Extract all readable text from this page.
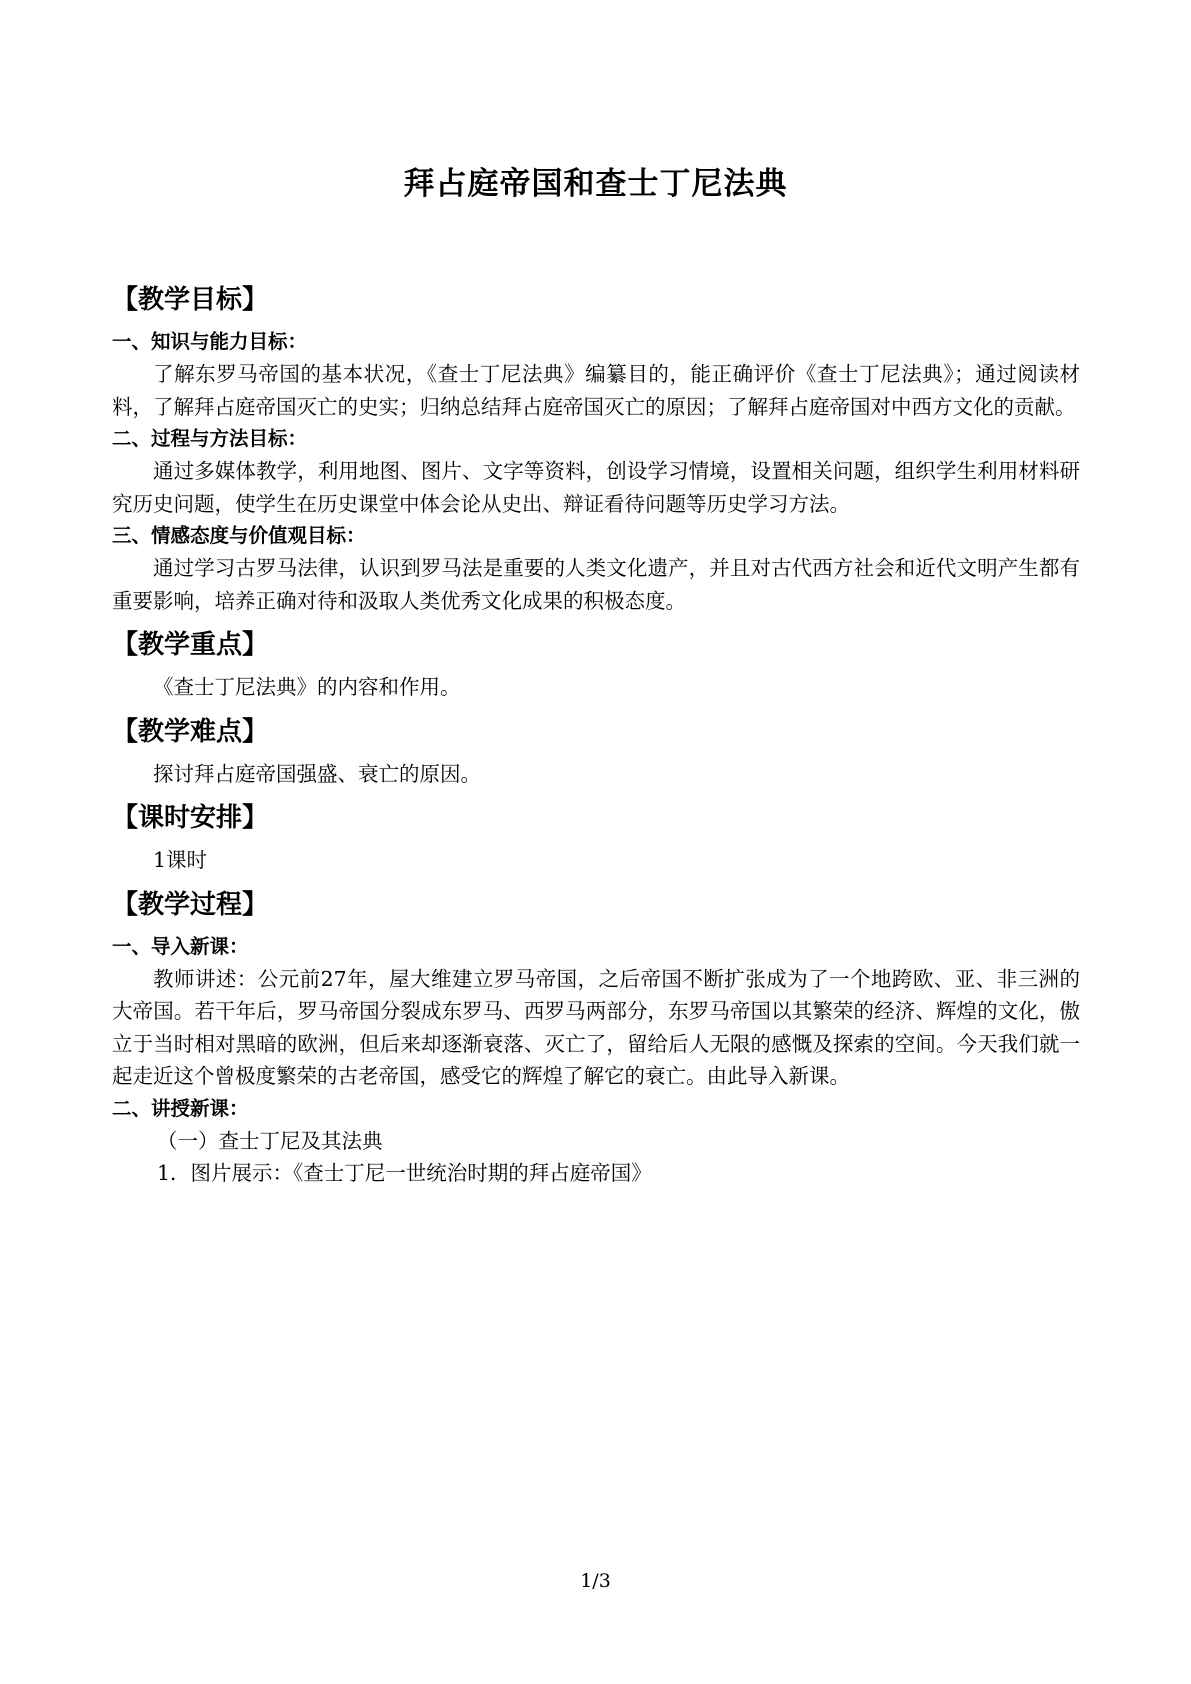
拜占庭帝国和查士丁尼法典
【教学目标】
一、知识与能力目标：

了解东罗马帝国的基本状况，《查士丁尼法典》编纂目的，能正确评价《查士丁尼法典》；通过阅读材料，了解拜占庭帝国灭亡的史实；归纳总结拜占庭帝国灭亡的原因；了解拜占庭帝国对中西方文化的贡献。

二、过程与方法目标：

通过多媒体教学，利用地图、图片、文字等资料，创设学习情境，设置相关问题，组织学生利用材料研究历史问题，使学生在历史课堂中体会论从史出、辩证看待问题等历史学习方法。

三、情感态度与价值观目标：

通过学习古罗马法律，认识到罗马法是重要的人类文化遗产，并且对古代西方社会和近代文明产生都有重要影响，培养正确对待和汲取人类优秀文化成果的积极态度。

【教学重点】

《查士丁尼法典》的内容和作用。

【教学难点】

探讨拜占庭帝国强盛、衰亡的原因。

【课时安排】

1课时

【教学过程】
一、导入新课：

教师讲述：公元前27年，屋大维建立罗马帝国，之后帝国不断扩张成为了一个地跨欧、亚、非三洲的大帝国。若干年后，罗马帝国分裂成东罗马、西罗马两部分，东罗马帝国以其繁荣的经济、辉煌的文化，傲立于当时相对黑暗的欧洲，但后来却逐渐衰落、灭亡了，留给后人无限的感慨及探索的空间。今天我们就一起走近这个曾极度繁荣的古老帝国，感受它的辉煌了解它的衰亡。由此导入新课。

二、讲授新课：

（一）查士丁尼及其法典

1．图片展示：《查士丁尼一世统治时期的拜占庭帝国》

1/3
